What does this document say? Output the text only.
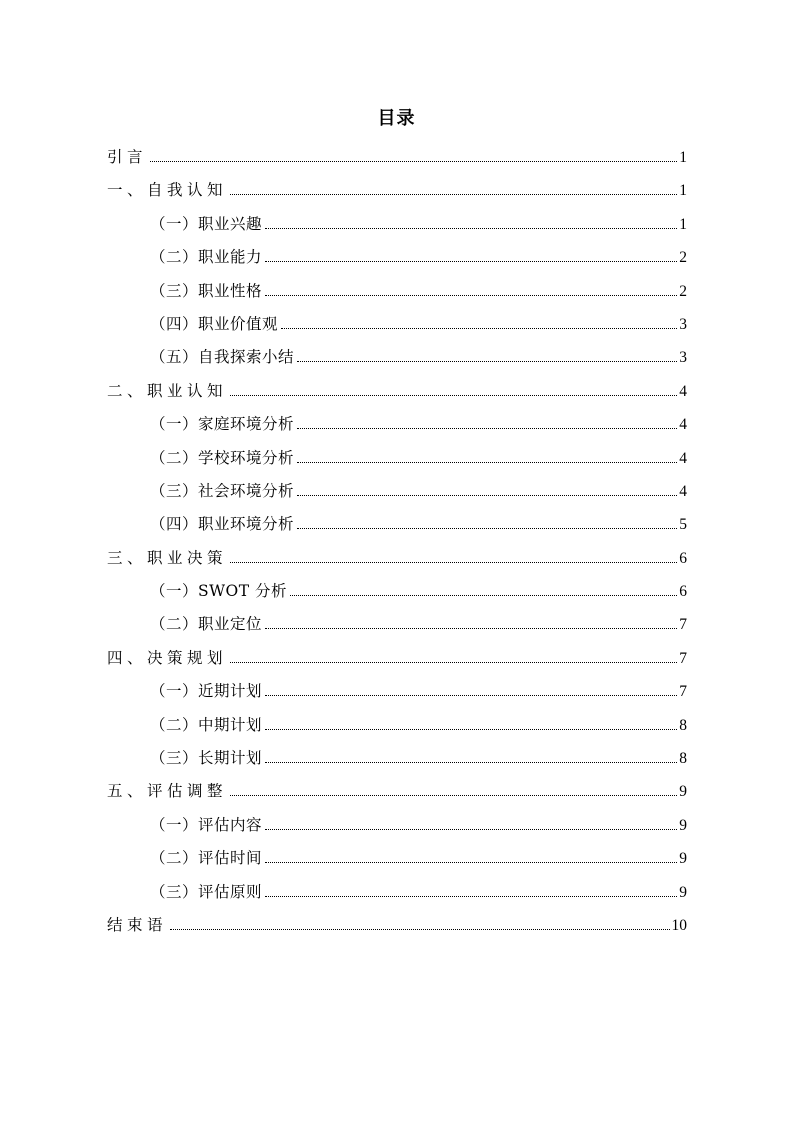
目录
引言	1
一、自我认知	1
（一）职业兴趣	1
（二）职业能力	2
（三）职业性格	2
（四）职业价值观	3
（五）自我探索小结	3
二、职业认知	4
（一）家庭环境分析	4
（二）学校环境分析	4
（三）社会环境分析	4
（四）职业环境分析	5
三、职业决策	6
（一）SWOT 分析	6
（二）职业定位	7
四、决策规划	7
（一）近期计划	7
（二）中期计划	8
（三）长期计划	8
五、评估调整	9
（一）评估内容	9
（二）评估时间	9
（三）评估原则	9
结束语	10
